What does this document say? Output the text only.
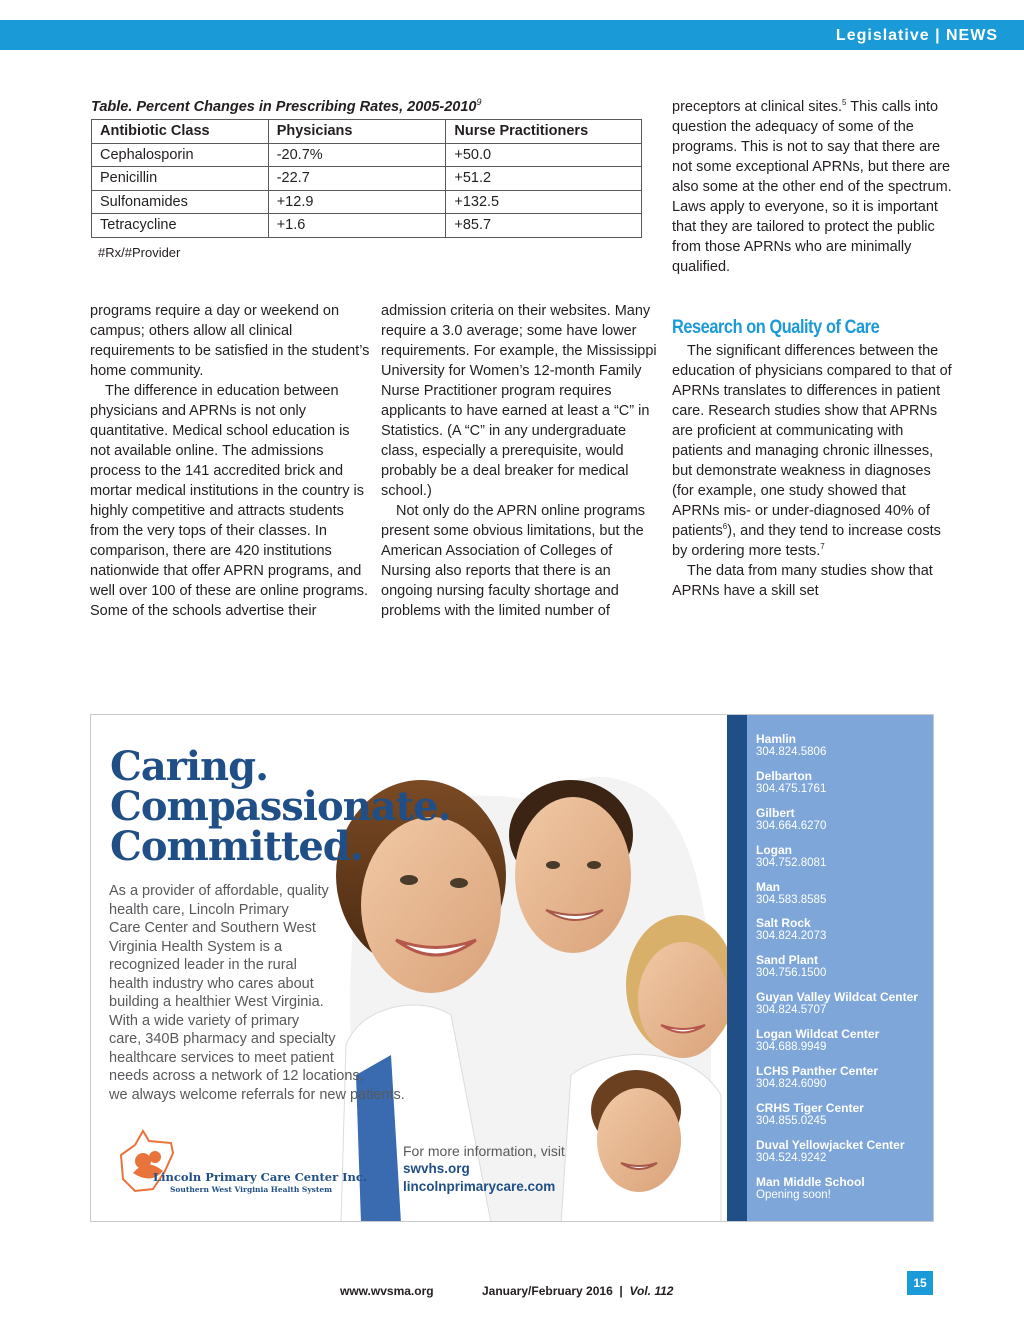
Legislative | NEWS
Table. Percent Changes in Prescribing Rates, 2005-2010$^9$
Antibiotic Class	Physicians	Nurse Practitioners
Cephalosporin	-20.7%	+50.0
Penicillin	-22.7	+51.2
Sulfonamides	+12.9	+132.5
Tetracycline	+1.6	+85.7
#Rx/#Provider

programs require a day or weekend on campus; others allow all clinical requirements to be satisfied in the student’s home community.

The difference in education between physicians and APRNs is not only quantitative. Medical school education is not available online. The admissions process to the 141 accredited brick and mortar medical institutions in the country is highly competitive and attracts students from the very tops of their classes. In comparison, there are 420 institutions nationwide that offer APRN programs, and well over 100 of these are online programs. Some of the schools advertise their

admission criteria on their websites. Many require a 3.0 average; some have lower requirements. For example, the Mississippi University for Women’s 12-month Family Nurse Practitioner program requires applicants to have earned at least a “C” in Statistics. (A “C” in any undergraduate class, especially a prerequisite, would probably be a deal breaker for medical school.)

Not only do the APRN online programs present some obvious limitations, but the American Association of Colleges of Nursing also reports that there is an ongoing nursing faculty shortage and problems with the limited number of

preceptors at clinical sites.$^5$ This calls into question the adequacy of some of the programs. This is not to say that there are not some exceptional APRNs, but there are also some at the other end of the spectrum. Laws apply to everyone, so it is important that they are tailored to protect the public from those APRNs who are minimally qualified.

Research on Quality of Care

The significant differences between the education of physicians compared to that of APRNs translates to differences in patient care. Research studies show that APRNs are proficient at communicating with patients and managing chronic illnesses, but demonstrate weakness in diagnoses (for example, one study showed that APRNs mis- or under-diagnosed 40% of patients$^6$), and they tend to increase costs by ordering more tests.$^7$

The data from many studies show that APRNs have a skill set

Caring.
Compassionate.
Committed.
As a provider of affordable, quality
health care, Lincoln Primary
Care Center and Southern West
Virginia Health System is a
recognized leader in the rural
health industry who cares about
building a healthier West Virginia.
With a wide variety of primary
care, 340B pharmacy and specialty
healthcare services to meet patient
needs across a network of 12 locations,
we always welcome referrals for new patients.
Lincoln Primary Care Center Inc.
Southern West Virginia Health System
For more information, visit
swvhs.org
lincolnprimarycare.com
Hamlin
304.824.5806
Delbarton
304.475.1761
Gilbert
304.664.6270
Logan
304.752.8081
Man
304.583.8585
Salt Rock
304.824.2073
Sand Plant
304.756.1500
Guyan Valley Wildcat Center
304.824.5707
Logan Wildcat Center
304.688.9949
LCHS Panther Center
304.824.6090
CRHS Tiger Center
304.855.0245
Duval Yellowjacket Center
304.524.9242
Man Middle School
Opening soon!
www.wvsma.org	January/February 2016 | Vol. 112
15
